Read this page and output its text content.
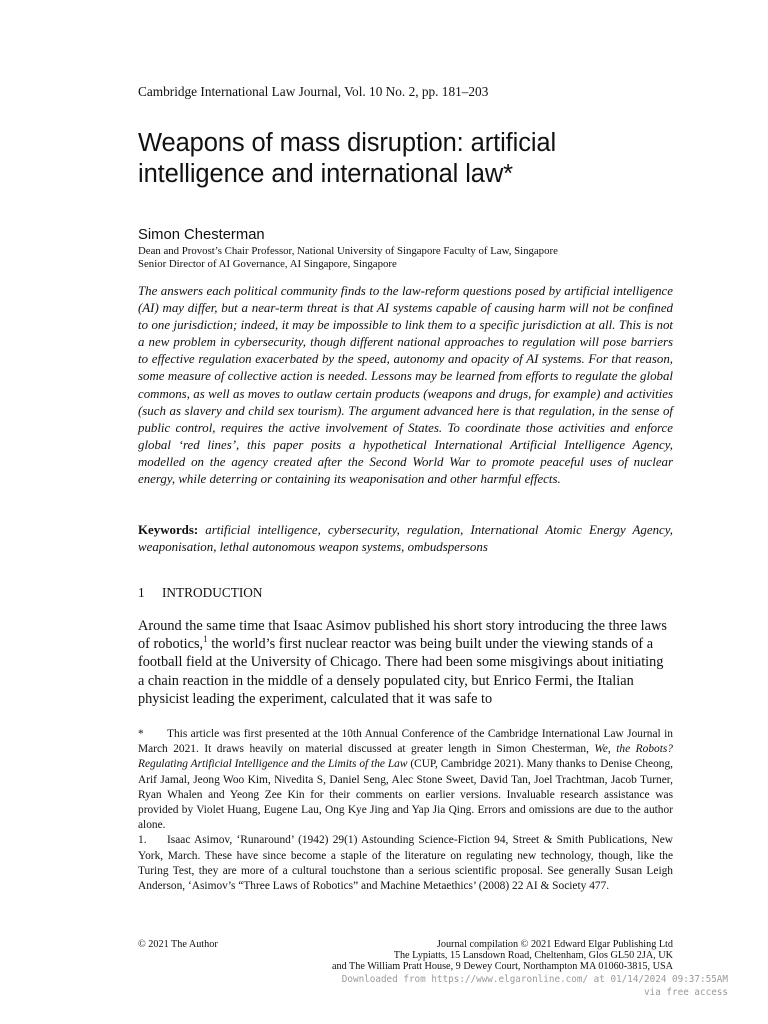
Cambridge International Law Journal, Vol. 10 No. 2, pp. 181–203
Weapons of mass disruption: artificial intelligence and international law*
Simon Chesterman
Dean and Provost’s Chair Professor, National University of Singapore Faculty of Law, Singapore
Senior Director of AI Governance, AI Singapore, Singapore
The answers each political community finds to the law-reform questions posed by artificial intelligence (AI) may differ, but a near-term threat is that AI systems capable of causing harm will not be confined to one jurisdiction; indeed, it may be impossible to link them to a specific jurisdiction at all. This is not a new problem in cybersecurity, though different national approaches to regulation will pose barriers to effective regulation exacerbated by the speed, autonomy and opacity of AI systems. For that reason, some measure of collective action is needed. Lessons may be learned from efforts to regulate the global commons, as well as moves to outlaw certain products (weapons and drugs, for example) and activities (such as slavery and child sex tourism). The argument advanced here is that regulation, in the sense of public control, requires the active involvement of States. To coordinate those activities and enforce global ‘red lines’, this paper posits a hypothetical International Artificial Intelligence Agency, modelled on the agency created after the Second World War to promote peaceful uses of nuclear energy, while deterring or containing its weaponisation and other harmful effects.
Keywords: artificial intelligence, cybersecurity, regulation, International Atomic Energy Agency, weaponisation, lethal autonomous weapon systems, ombudspersons
1 INTRODUCTION
Around the same time that Isaac Asimov published his short story introducing the three laws of robotics,$^1$ the world’s first nuclear reactor was being built under the viewing stands of a football field at the University of Chicago. There had been some misgivings about initiating a chain reaction in the middle of a densely populated city, but Enrico Fermi, the Italian physicist leading the experiment, calculated that it was safe to

* This article was first presented at the 10th Annual Conference of the Cambridge International Law Journal in March 2021. It draws heavily on material discussed at greater length in Simon Chesterman, We, the Robots? Regulating Artificial Intelligence and the Limits of the Law (CUP, Cambridge 2021). Many thanks to Denise Cheong, Arif Jamal, Jeong Woo Kim, Nivedita S, Daniel Seng, Alec Stone Sweet, David Tan, Joel Trachtman, Jacob Turner, Ryan Whalen and Yeong Zee Kin for their comments on earlier versions. Invaluable research assistance was provided by Violet Huang, Eugene Lau, Ong Kye Jing and Yap Jia Qing. Errors and omissions are due to the author alone.

1. Isaac Asimov, ‘Runaround’ (1942) 29(1) Astounding Science-Fiction 94, Street & Smith Publications, New York, March. These have since become a staple of the literature on regulating new technology, though, like the Turing Test, they are more of a cultural touchstone than a serious scientific proposal. See generally Susan Leigh Anderson, ‘Asimov’s “Three Laws of Robotics” and Machine Metaethics’ (2008) 22 AI & Society 477.

© 2021 The Author	Journal compilation © 2021 Edward Elgar Publishing Ltd
The Lypiatts, 15 Lansdown Road, Cheltenham, Glos GL50 2JA, UK
and The William Pratt House, 9 Dewey Court, Northampton MA 01060-3815, USA
Downloaded from https://www.elgaronline.com/ at 01/14/2024 09:37:55AM
via free access
